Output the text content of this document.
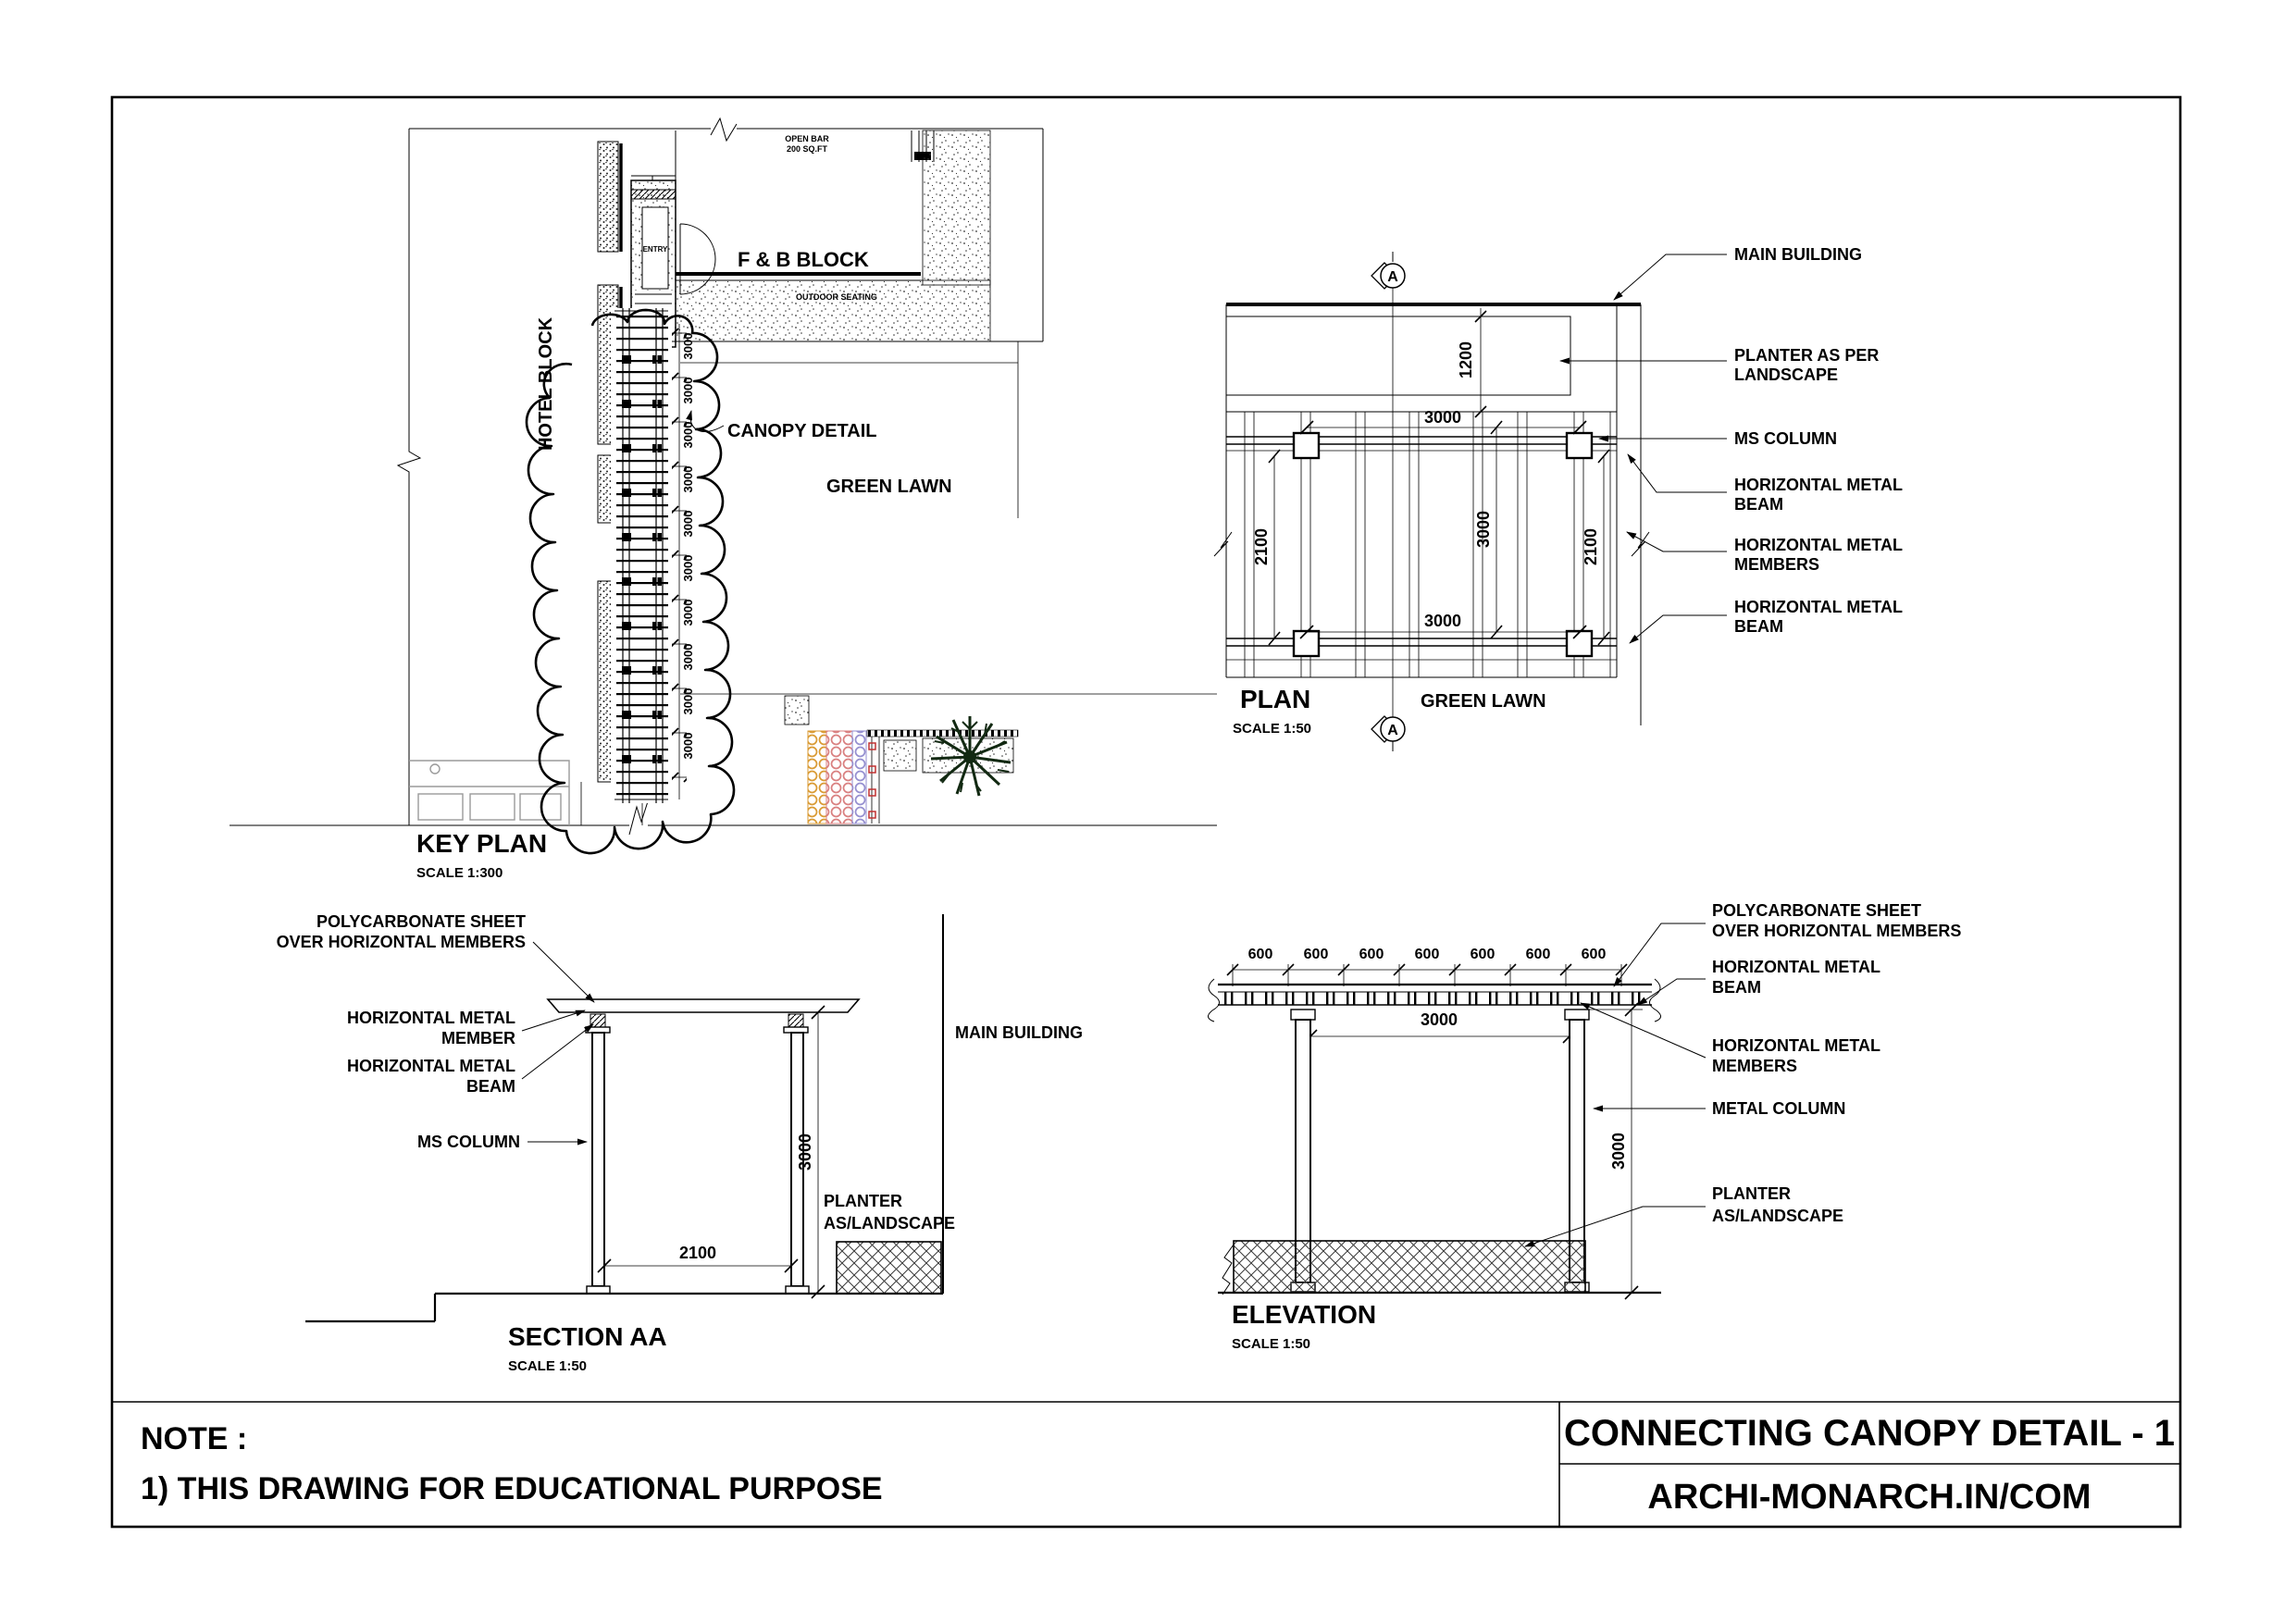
NOTE :
1) THIS DRAWING FOR EDUCATIONAL PURPOSE
CONNECTING CANOPY DETAIL - 1
ARCHI-MONARCH.IN/COM
ENTRY	F & B BLOCK
OPEN BAR
200 SQ.FT
OUTDOOR SEATING
3000
3000
3000
3000
3000
3000
3000
3000
3000
3000
HOTEL BLOCK	CANOPY DETAIL
GREEN LAWN
KEY PLAN
SCALE 1:300
A
A
1200
3000
3000
2100	3000	2100
MAIN BUILDING
PLANTER AS PER
LANDSCAPE
MS COLUMN
HORIZONTAL METAL
BEAM
HORIZONTAL METAL
MEMBERS
HORIZONTAL METAL
BEAM
PLAN
SCALE 1:50
GREEN LAWN
2100
3000
POLYCARBONATE SHEET
OVER HORIZONTAL MEMBERS
HORIZONTAL METAL
MEMBER
HORIZONTAL METAL
BEAM
MS COLUMN
MAIN BUILDING
PLANTER
AS/LANDSCAPE
SECTION AA
SCALE 1:50
600 600 600 600 600 600 600
3000
3000
POLYCARBONATE SHEET
OVER HORIZONTAL MEMBERS
HORIZONTAL METAL
BEAM
HORIZONTAL METAL
MEMBERS
METAL COLUMN
PLANTER
AS/LANDSCAPE
ELEVATION
SCALE 1:50
